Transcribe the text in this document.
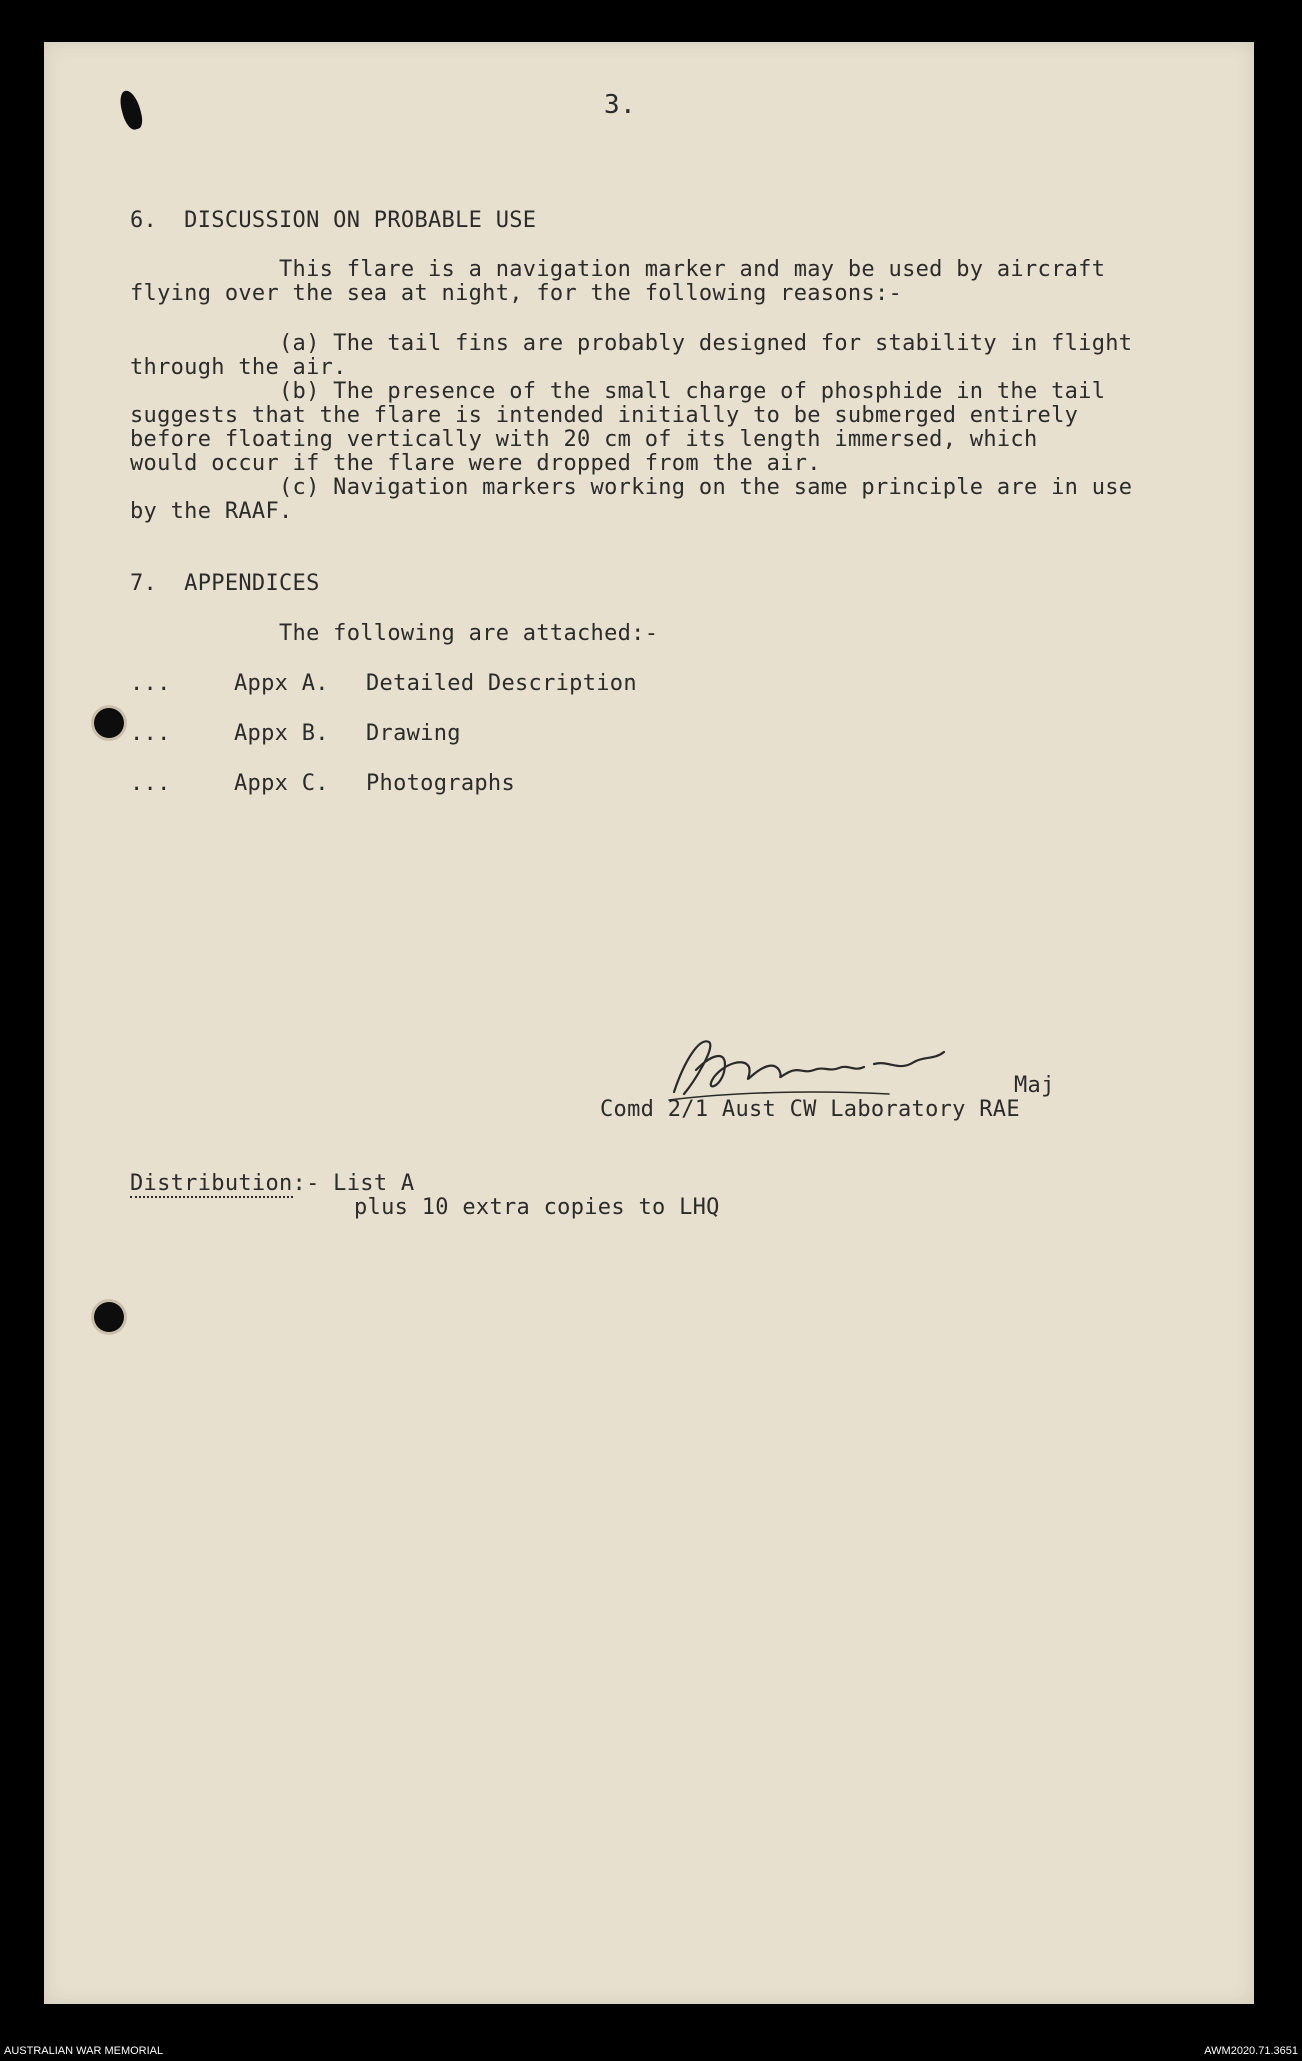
3.
6.  DISCUSSION ON PROBABLE USE
This flare is a navigation marker and may be used by aircraft
flying over the sea at night, for the following reasons:-
(a) The tail fins are probably designed for stability in flight
through the air.
(b) The presence of the small charge of phosphide in the tail
suggests that the flare is intended initially to be submerged entirely
before floating vertically with 20 cm of its length immersed, which
would occur if the flare were dropped from the air.
(c) Navigation markers working on the same principle are in use
by the RAAF.
7.  APPENDICES
The following are attached:-
...	Appx A. Detailed Description
...	Appx B. Drawing
...	Appx C. Photographs
Maj
Comd 2/1 Aust CW Laboratory RAE
Distribution:- List A
plus 10 extra copies to LHQ
AUSTRALIAN WAR MEMORIAL	AWM2020.71.3651
